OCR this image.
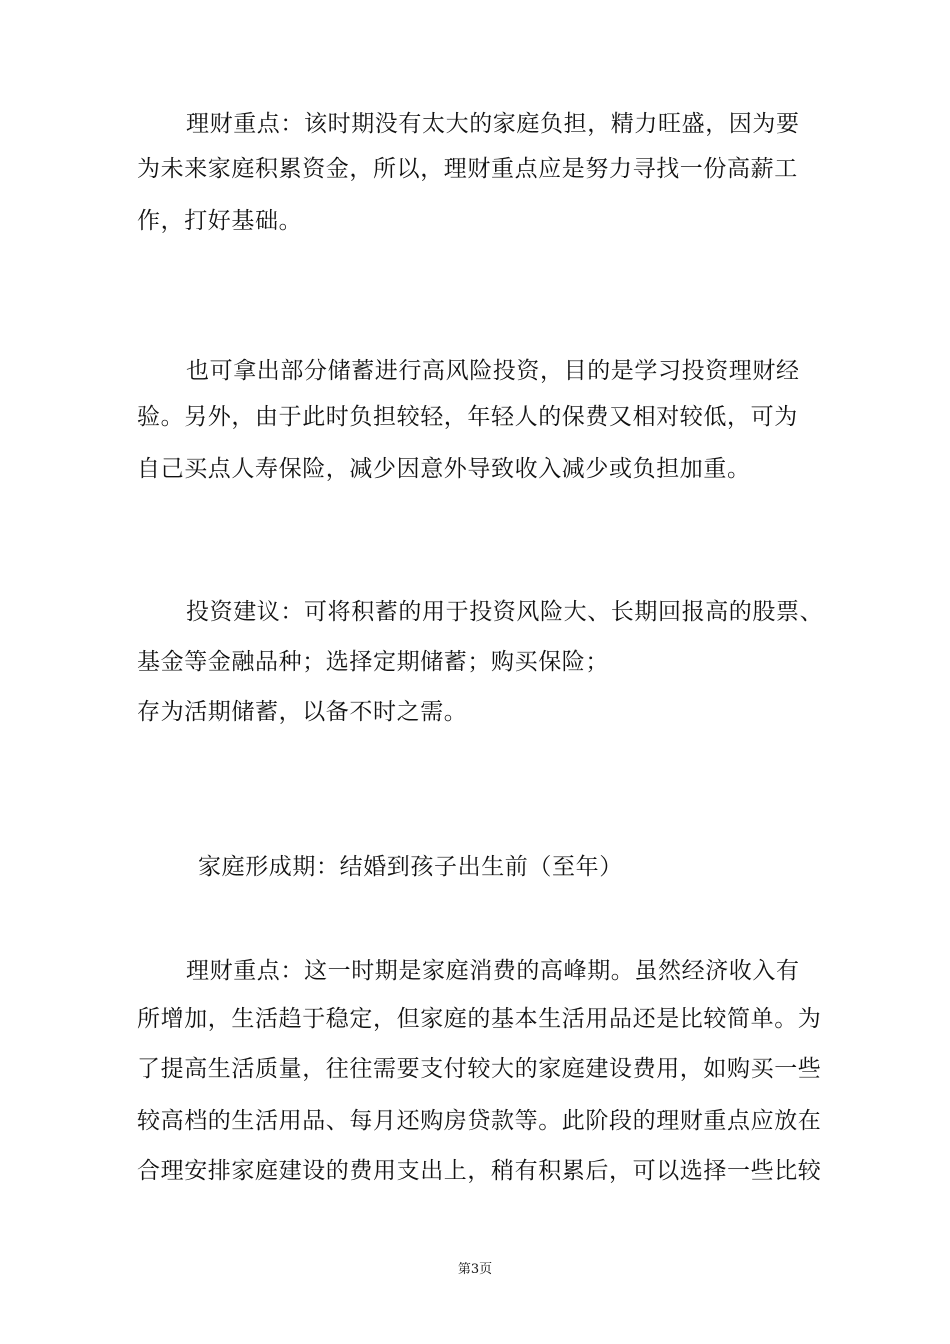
理财重点：该时期没有太大的家庭负担，精力旺盛，因为要
为未来家庭积累资金，所以，理财重点应是努力寻找一份高薪工
作，打好基础。
也可拿出部分储蓄进行高风险投资，目的是学习投资理财经
验。另外，由于此时负担较轻，年轻人的保费又相对较低，可为
自己买点人寿保险，减少因意外导致收入减少或负担加重。
投资建议：可将积蓄的用于投资风险大、长期回报高的股票、
基金等金融品种；选择定期储蓄；购买保险；
存为活期储蓄，以备不时之需。
家庭形成期：结婚到孩子出生前（至年）
理财重点：这一时期是家庭消费的高峰期。虽然经济收入有
所增加，生活趋于稳定，但家庭的基本生活用品还是比较简单。为
了提高生活质量，往往需要支付较大的家庭建设费用，如购买一些
较高档的生活用品、每月还购房贷款等。此阶段的理财重点应放在
合理安排家庭建设的费用支出上，稍有积累后，可以选择一些比较
第3页
